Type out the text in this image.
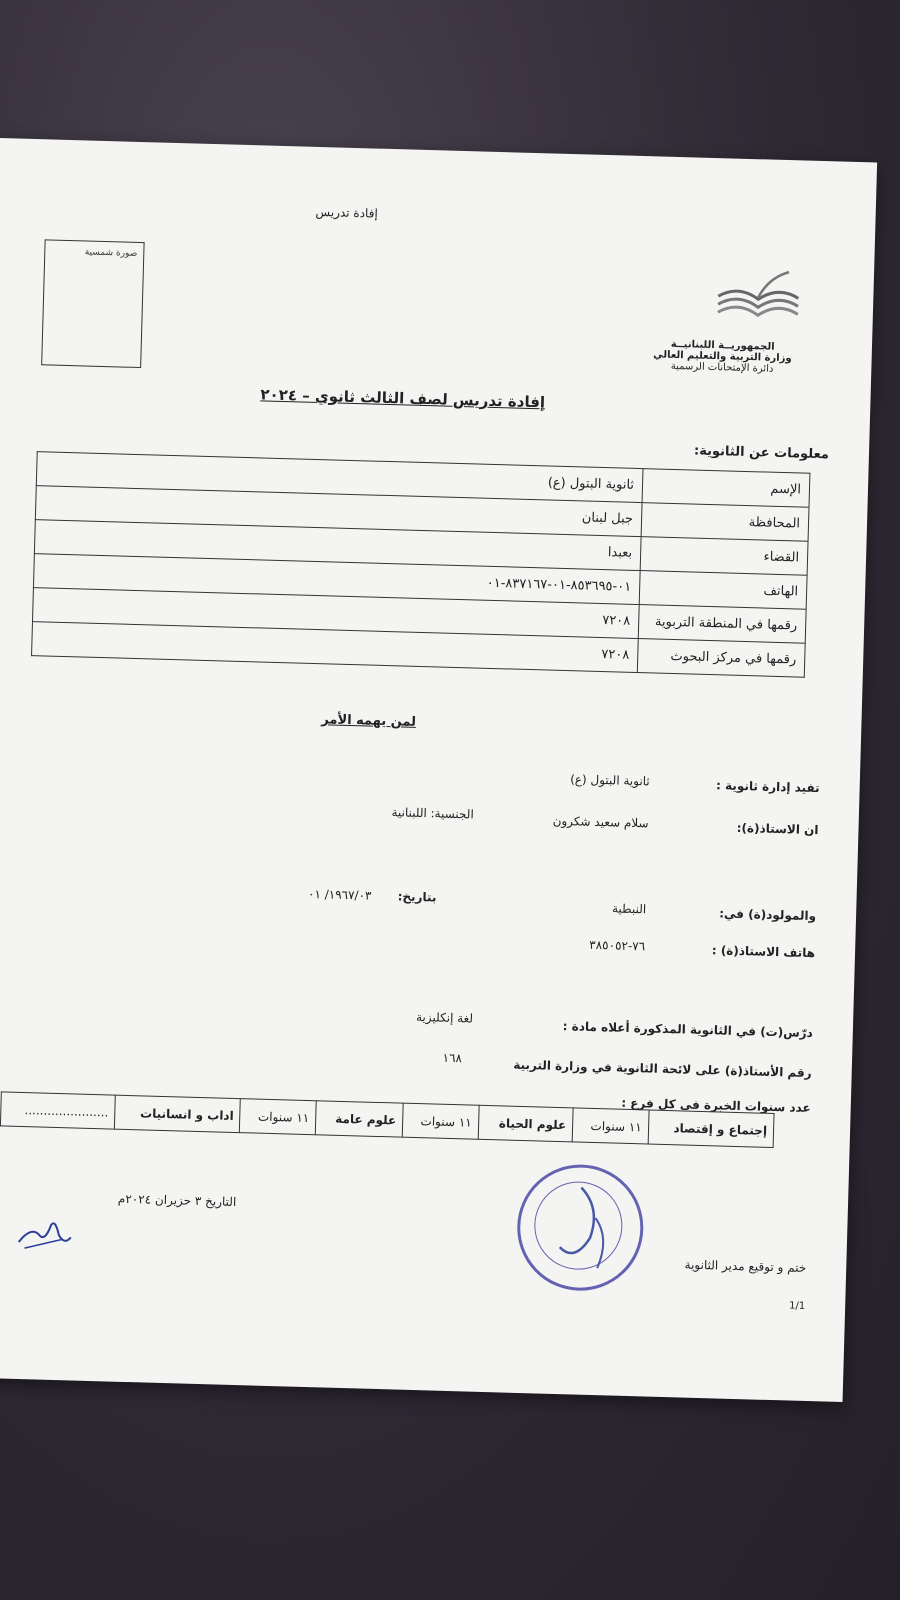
إفادة تدريس
صورة شمسية
الجمهوريــة اللبنانيــة
وزارة التربية والتعليم العالي
دائرة الإمتحانات الرسمية
إفادة تدريس لصف الثالث ثانوي – ٢٠٢٤
معلومات عن الثانوية:
الإسم	ثانوية البتول (ع)
المحافظة	جبل لبنان
القضاء	بعبدا
الهاتف	٠١-٨٥٣٦٩٥-٠١-٨٣٧١٦٧-٠١
رقمها في المنطقة التربوية	٧٢٠٨
رقمها في مركز البحوث	٧٢٠٨
لمن يهمه الأمر
تفيد إدارة ثانوية :
ثانوية البتول (ع)
ان الاستاذ(ة):
سلام سعيد شكرون
الجنسية: اللبنانية
والمولود(ة) في:
النبطية
بتاريخ:
١٩٦٧/٠٣/ ٠١
هاتف الاستاذ(ة) :
٧٦-٣٨٥٠٥٢
درّس(ت) في الثانوية المذكورة أعلاه مادة :
لغة إنكليزية
رقم الأستاذ(ة) على لائحة الثانوية في وزارة التربية
١٦٨
عدد سنوات الخبرة في كل فرع :
إجتماع و إقتصاد	١١ سنوات	علوم الحياة	١١ سنوات	علوم عامة	١١ سنوات	اداب و انسانيات	......................
التاريخ ٣ حزيران ٢٠٢٤م
ختم و توقيع مدير الثانوية
1/1
